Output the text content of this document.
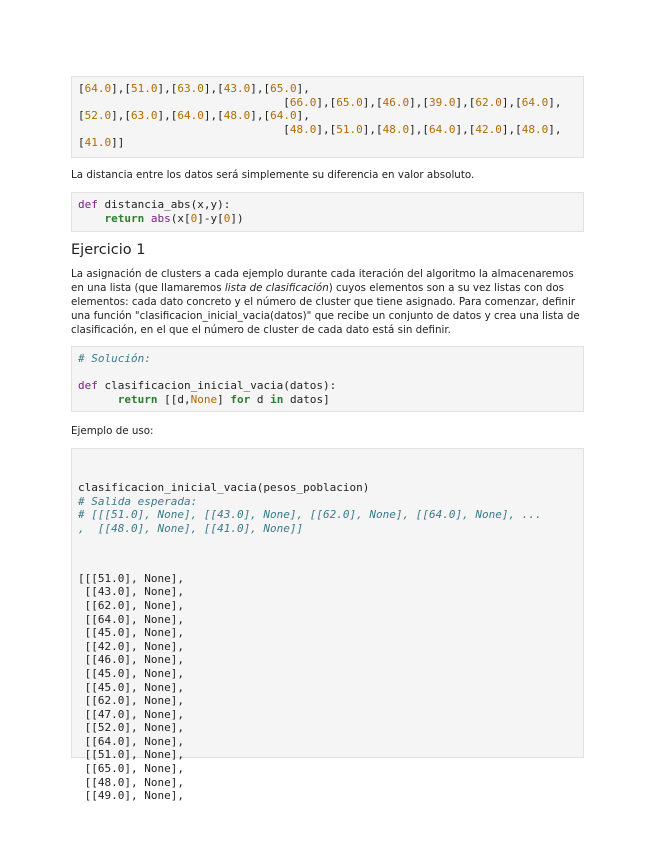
[64.0],[51.0],[63.0],[43.0],[65.0],
[66.0],[65.0],[46.0],[39.0],[62.0],[64.0],
[52.0],[63.0],[64.0],[48.0],[64.0],
[48.0],[51.0],[48.0],[64.0],[42.0],[48.0],
[41.0]]

La distancia entre los datos será simplemente su diferencia en valor absoluto.

def distancia_abs(x,y):
return abs(x[0]-y[0])
Ejercicio 1

La asignación de clusters a cada ejemplo durante cada iteración del algoritmo la almacenaremos en una lista (que llamaremos lista de clasificación) cuyos elementos son a su vez listas con dos elementos: cada dato concreto y el número de cluster que tiene asignado. Para comenzar, definir una función "clasificacion_inicial_vacia(datos)" que recibe un conjunto de datos y crea una lista de clasificación, en el que el número de cluster de cada dato está sin definir.

# Solución:

def clasificacion_inicial_vacia(datos):
return [[d,None] for d in datos]

Ejemplo de uso:

clasificacion_inicial_vacia(pesos_poblacion)
# Salida esperada:
# [[[51.0], None], [[43.0], None], [[62.0], None], [[64.0], None], ...
,  [[48.0], None], [[41.0], None]]

[[[51.0], None],
[[43.0], None],
[[62.0], None],
[[64.0], None],
[[45.0], None],
[[42.0], None],
[[46.0], None],
[[45.0], None],
[[45.0], None],
[[62.0], None],
[[47.0], None],
[[52.0], None],
[[64.0], None],
[[51.0], None],
[[65.0], None],
[[48.0], None],
[[49.0], None],
